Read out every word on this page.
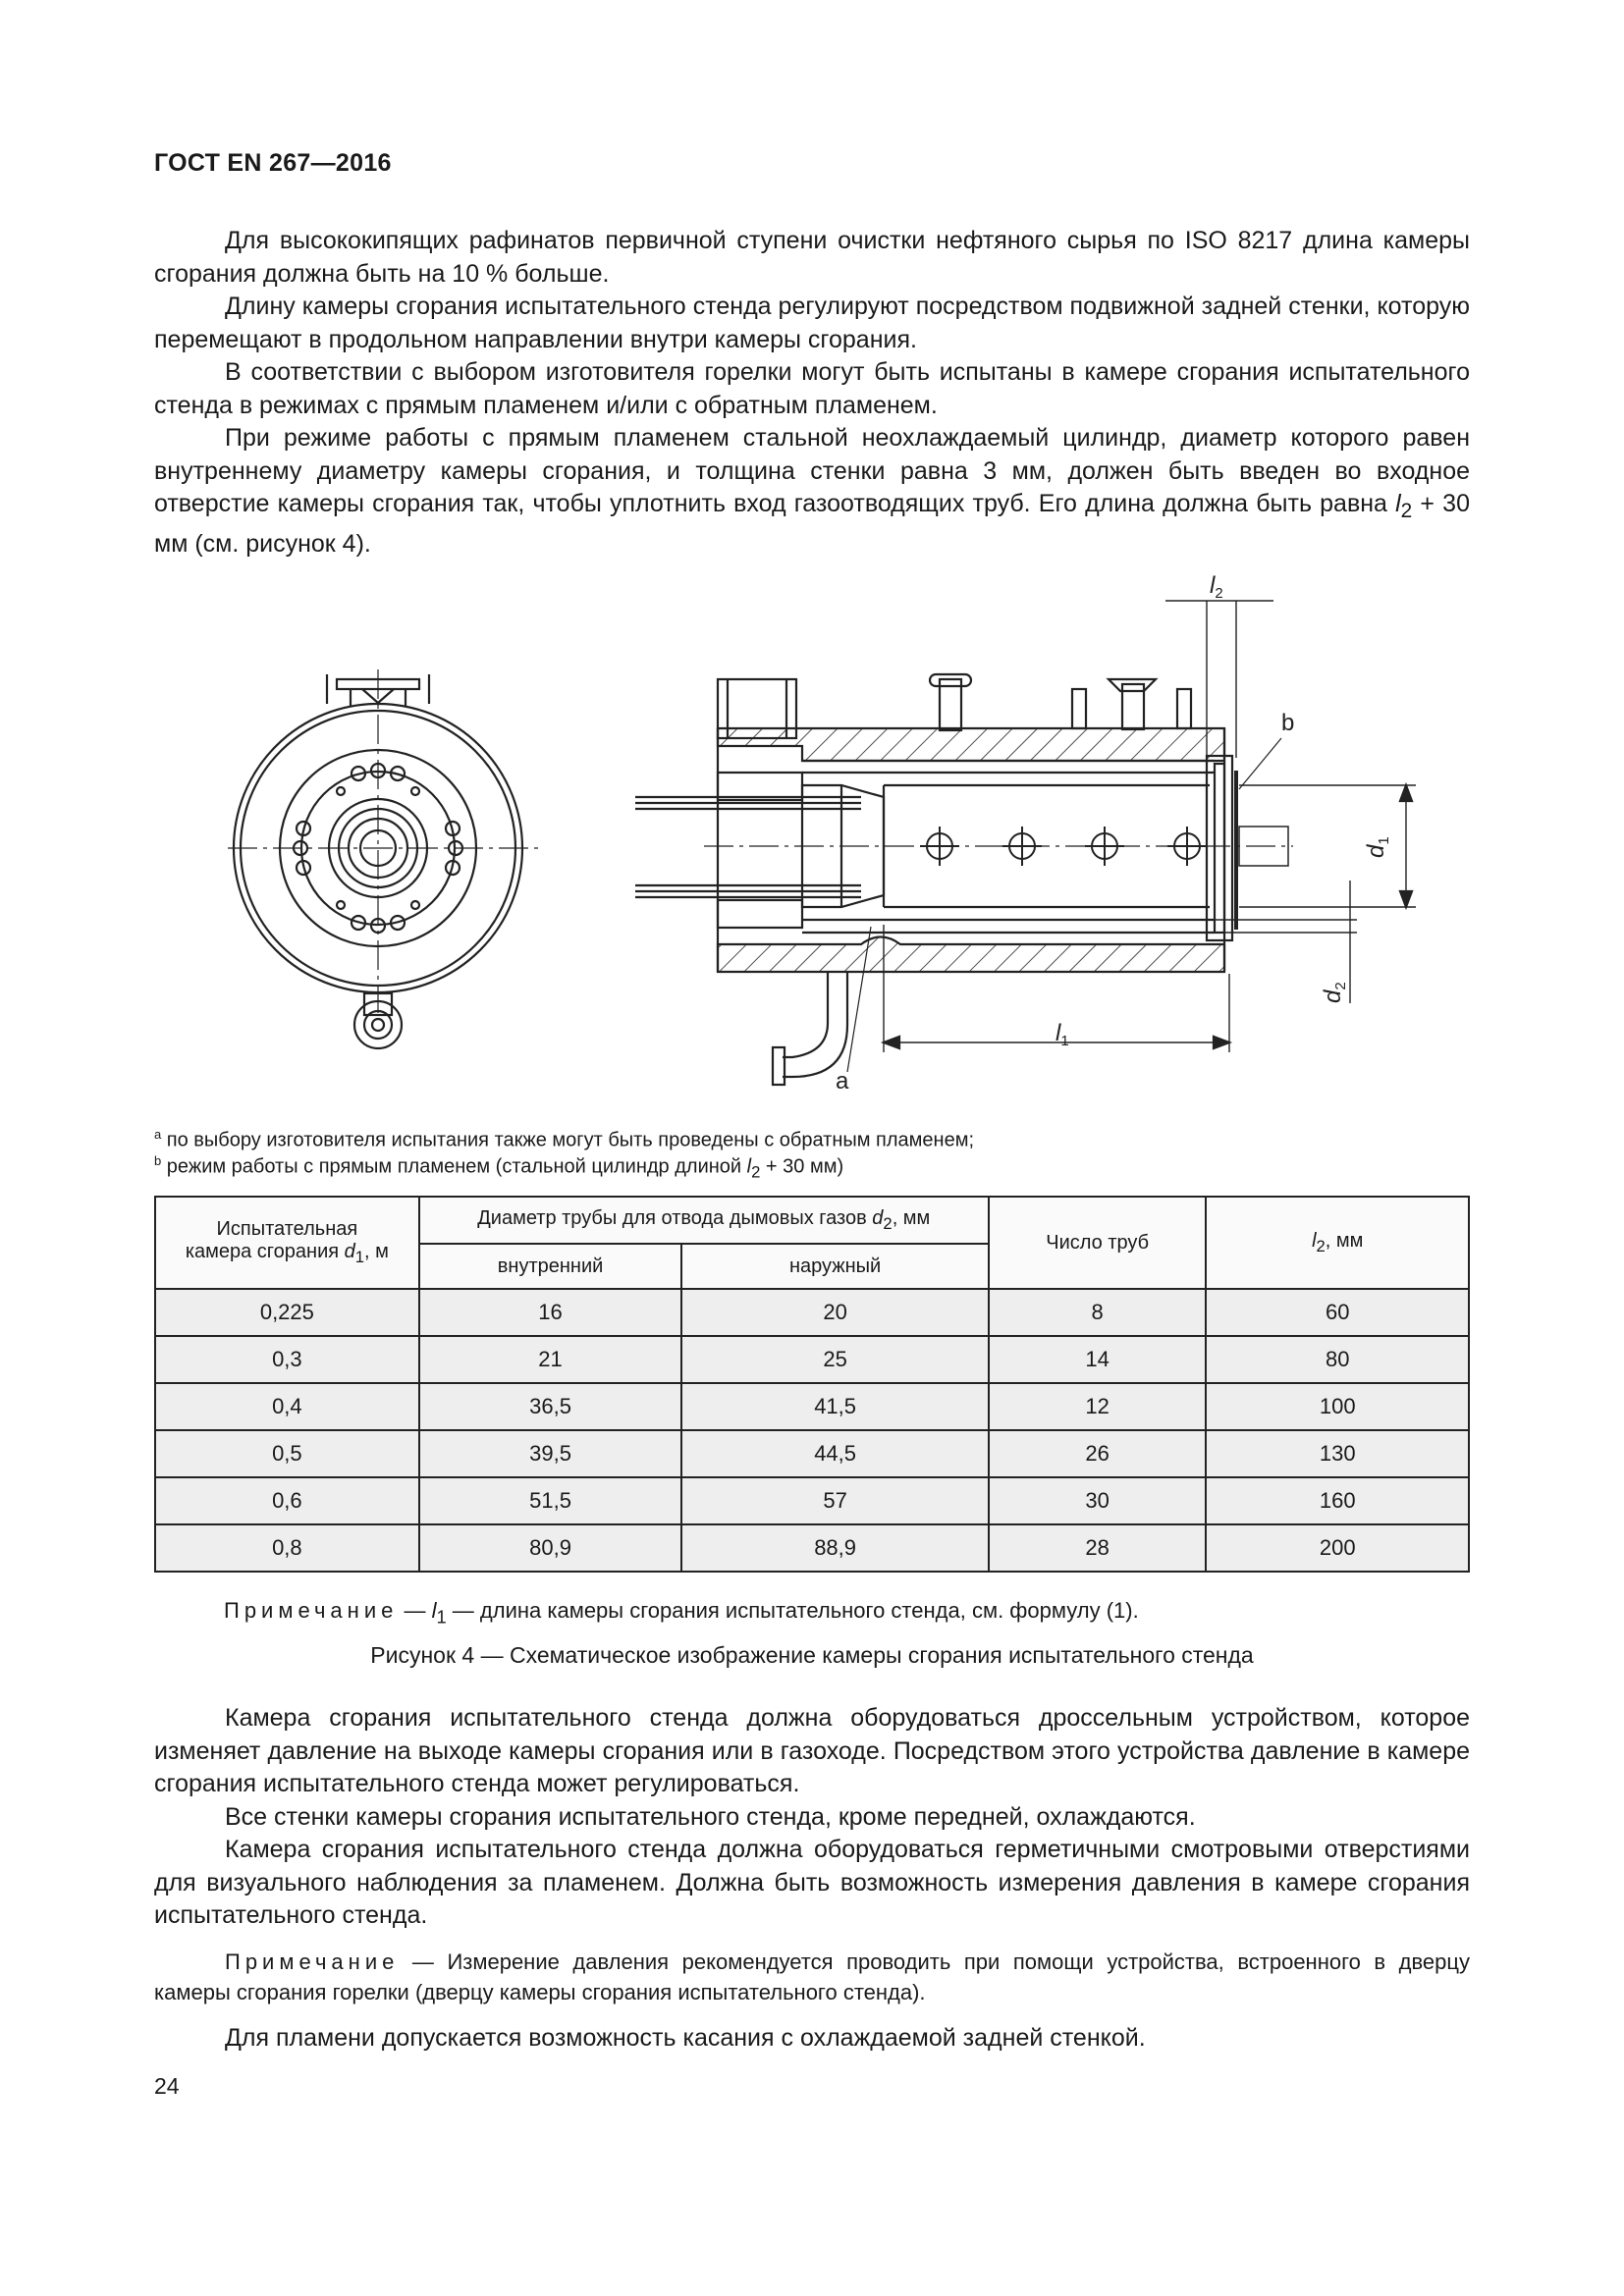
ГОСТ EN 267—2016

Для высококипящих рафинатов первичной ступени очистки нефтяного сырья по ISO 8217 длина камеры сгорания должна быть на 10 % больше.

Длину камеры сгорания испытательного стенда регулируют посредством подвижной задней стенки, которую перемещают в продольном направлении внутри камеры сгорания.

В соответствии с выбором изготовителя горелки могут быть испытаны в камере сгорания испытательного стенда в режимах с прямым пламенем и/или с обратным пламенем.

При режиме работы с прямым пламенем стальной неохлаждаемый цилиндр, диаметр которого равен внутреннему диаметру камеры сгорания, и толщина стенки равна 3 мм, должен быть введен во входное отверстие камеры сгорания так, чтобы уплотнить вход газоотводящих труб. Его длина должна быть равна $l_2 + 30$ мм (см. рисунок 4).

$l_2$
b
$l_1$
a
$d_1$
$d_2$
$^a$ по выбору изготовителя испытания также могут быть проведены с обратным пламенем;
$^b$ режим работы с прямым пламенем (стальной цилиндр длиной $l_2 + 30$ мм)
Испытательная
камера сгорания $d_1$, м	Диаметр трубы для отвода дымовых газов $d_2$, мм		Число труб	$l_2$, мм
	внутренний	наружный		
0,225	16	20	8	60
0,3	21	25	14	80
0,4	36,5	41,5	12	100
0,5	39,5	44,5	26	130
0,6	51,5	57	30	160
0,8	80,9	88,9	28	200
Примечание — $l_1$ — длина камеры сгорания испытательного стенда, см. формулу (1).
Рисунок 4 — Схематическое изображение камеры сгорания испытательного стенда

Камера сгорания испытательного стенда должна оборудоваться дроссельным устройством, которое изменяет давление на выходе камеры сгорания или в газоходе. Посредством этого устройства давление в камере сгорания испытательного стенда может регулироваться.

Все стенки камеры сгорания испытательного стенда, кроме передней, охлаждаются.

Камера сгорания испытательного стенда должна оборудоваться герметичными смотровыми отверстиями для визуального наблюдения за пламенем. Должна быть возможность измерения давления в камере сгорания испытательного стенда.

Примечание — Измерение давления рекомендуется проводить при помощи устройства, встроенного в дверцу камеры сгорания горелки (дверцу камеры сгорания испытательного стенда).

Для пламени допускается возможность касания с охлаждаемой задней стенкой.

24
